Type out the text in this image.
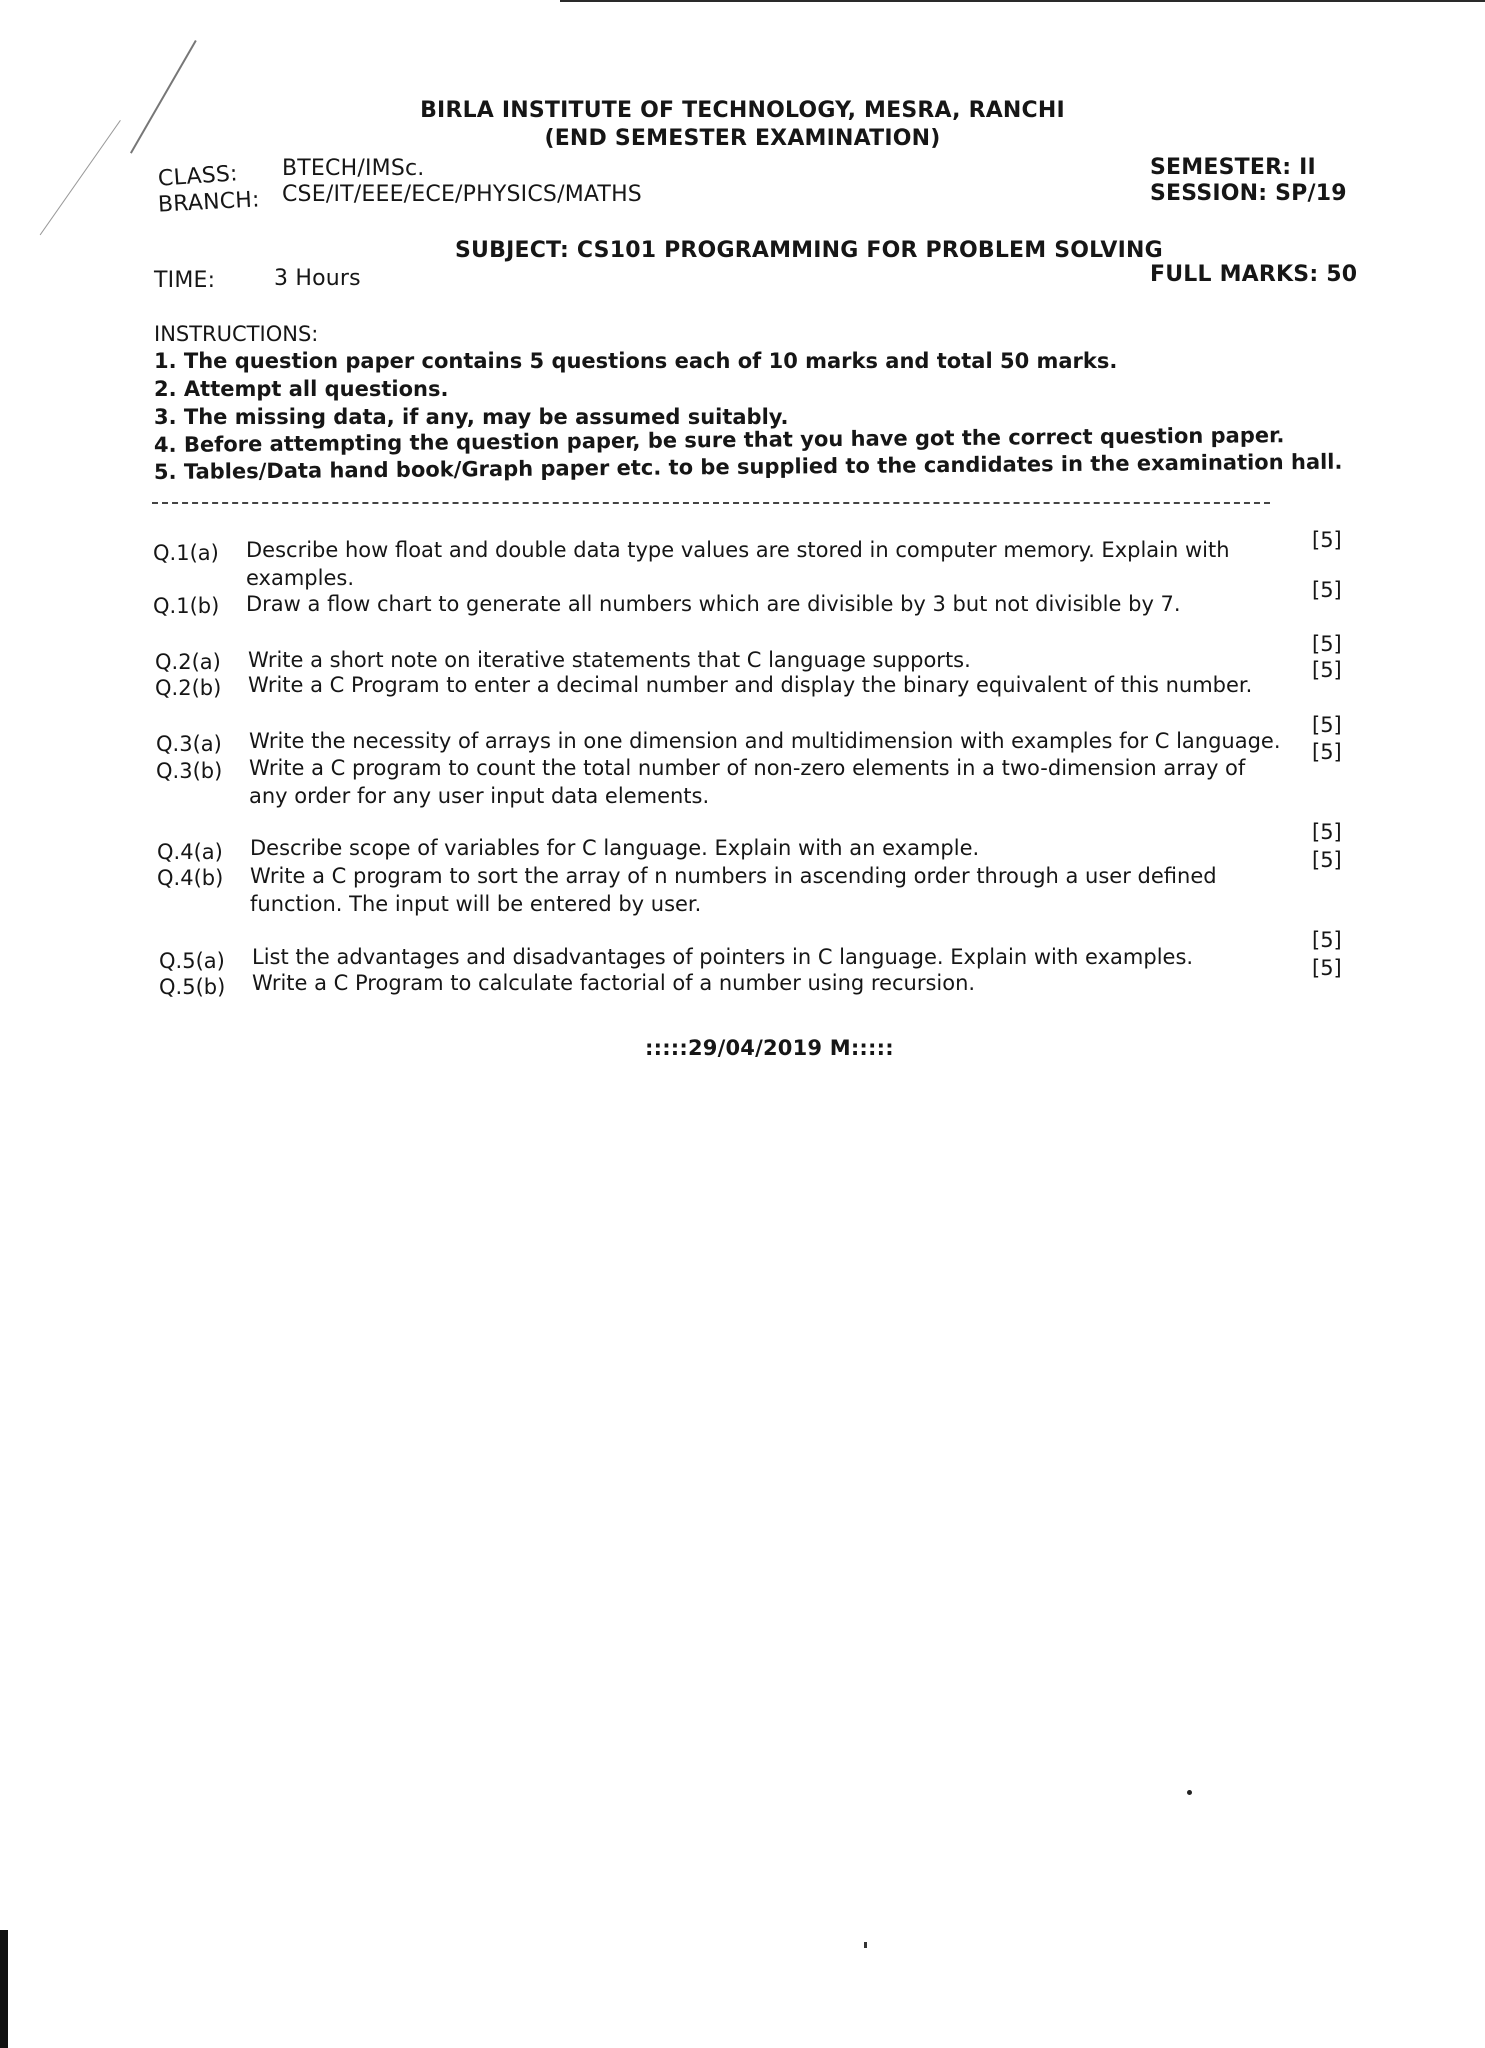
BIRLA INSTITUTE OF TECHNOLOGY, MESRA, RANCHI
(END SEMESTER EXAMINATION)
CLASS: BTECH/IMSc.
BRANCH: CSE/IT/EEE/ECE/PHYSICS/MATHS
SEMESTER: II
SESSION: SP/19
SUBJECT: CS101 PROGRAMMING FOR PROBLEM SOLVING
TIME:	3 Hours	FULL MARKS: 50
INSTRUCTIONS:
1. The question paper contains 5 questions each of 10 marks and total 50 marks.
2. Attempt all questions.
3. The missing data, if any, may be assumed suitably.
4. Before attempting the question paper, be sure that you have got the correct question paper.
5. Tables/Data hand book/Graph paper etc. to be supplied to the candidates in the examination hall.
Q.1(a) Describe how float and double data type values are stored in computer memory. Explain with examples.
[5]
Q.1(b) Draw a flow chart to generate all numbers which are divisible by 3 but not divisible by 7.
[5]
Q.2(a) Write a short note on iterative statements that C language supports.
[5]
Q.2(b) Write a C Program to enter a decimal number and display the binary equivalent of this number.
[5]
Q.3(a) Write the necessity of arrays in one dimension and multidimension with examples for C language.
[5]
Q.3(b) Write a C program to count the total number of non-zero elements in a two-dimension array of any order for any user input data elements.
[5]
Q.4(a) Describe scope of variables for C language. Explain with an example.
[5]
Q.4(b) Write a C program to sort the array of n numbers in ascending order through a user defined function. The input will be entered by user.
[5]
Q.5(a) List the advantages and disadvantages of pointers in C language. Explain with examples.
[5]
Q.5(b) Write a C Program to calculate factorial of a number using recursion.
[5]
:::::29/04/2019 M:::::
